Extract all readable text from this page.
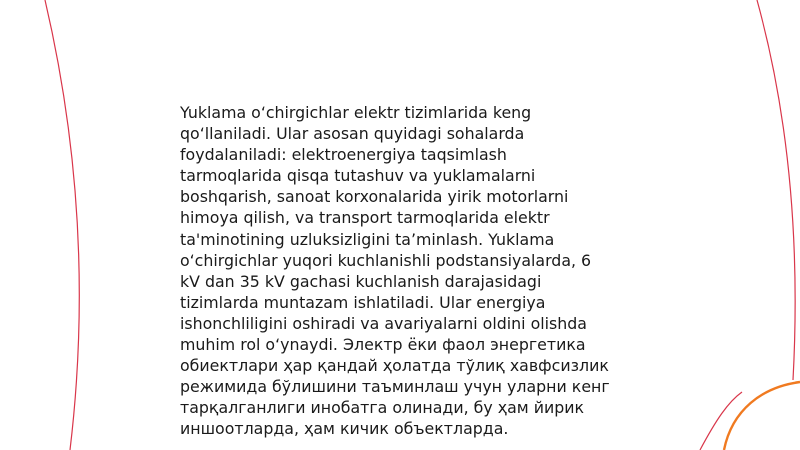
Yuklama o‘chirgichlar elektr tizimlarida keng
qo‘llaniladi. Ular asosan quyidagi sohalarda
foydalaniladi: elektroenergiya taqsimlash
tarmoqlarida qisqa tutashuv va yuklamalarni
boshqarish, sanoat korxonalarida yirik motorlarni
himoya qilish, va transport tarmoqlarida elektr
ta'minotining uzluksizligini ta’minlash. Yuklama
o‘chirgichlar yuqori kuchlanishli podstansiyalarda, 6
kV dan 35 kV gachasi kuchlanish darajasidagi
tizimlarda muntazam ishlatiladi. Ular energiya
ishonchliligini oshiradi va avariyalarni oldini olishda
muhim rol o‘ynaydi. Электр ёки фаол энергетика
обиектлари ҳар қандай ҳолатда тўлиқ хавфсизлик
режимида бўлишини таъминлаш учун уларни кенг
тарқалганлиги инобатга олинади, бу ҳам йирик
иншоотларда, ҳам кичик объектларда.
